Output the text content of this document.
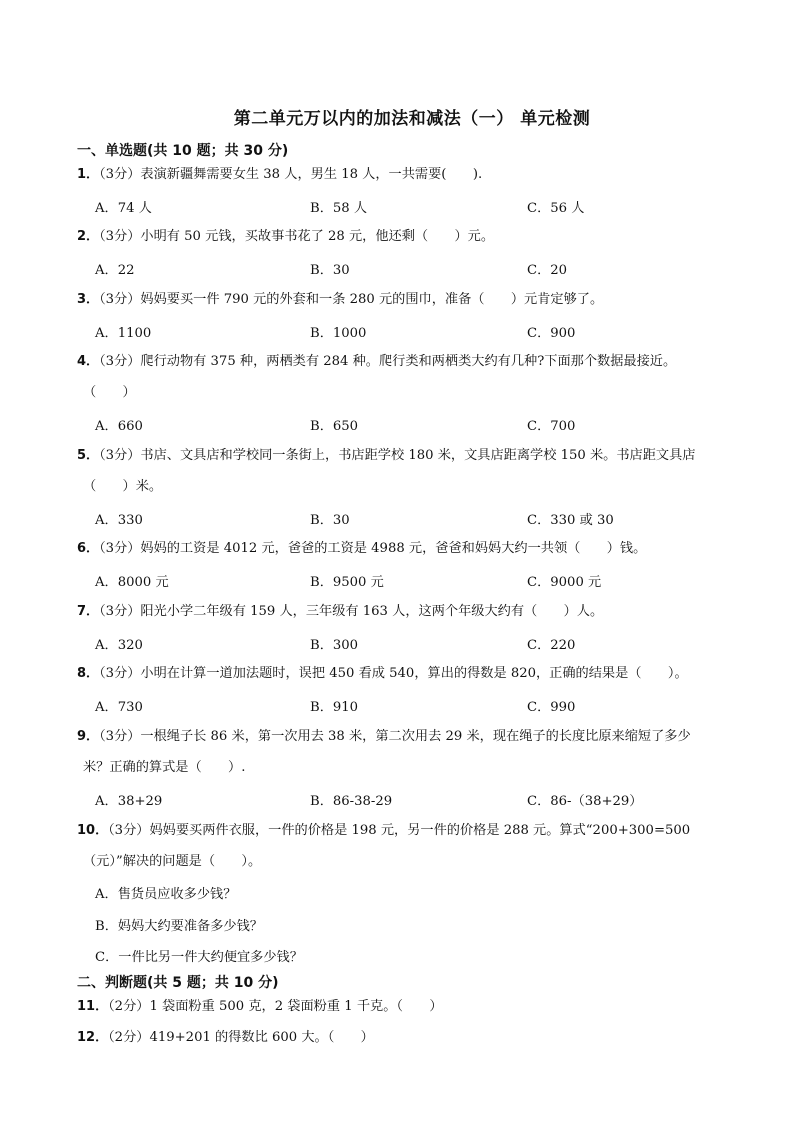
第二单元万以内的加法和减法（一） 单元检测
一、单选题(共 10 题；共 30 分)
1．（3分）表演新疆舞需要女生 38 人，男生 18 人，一共需要(　　).
A．74 人	B．58 人	C．56 人
2．（3分）小明有 50 元钱，买故事书花了 28 元，他还剩（　　）元。
A．22	B．30	C．20
3．（3分）妈妈要买一件 790 元的外套和一条 280 元的围巾，准备（　　）元肯定够了。
A．1100	B．1000	C．900
4．（3分）爬行动物有 375 种，两栖类有 284 种。爬行类和两栖类大约有几种?下面那个数据最接近。
（　　）
A．660	B．650	C．700
5．（3分）书店、文具店和学校同一条街上，书店距学校 180 米，文具店距离学校 150 米。书店距文具店
（　　）米。
A．330	B．30	C．330 或 30
6．（3分）妈妈的工资是 4012 元，爸爸的工资是 4988 元，爸爸和妈妈大约一共领（　　）钱。
A．8000 元	B．9500 元	C．9000 元
7．（3分）阳光小学二年级有 159 人，三年级有 163 人，这两个年级大约有（　　）人。
A．320	B．300	C．220
8．（3分）小明在计算一道加法题时，误把 450 看成 540，算出的得数是 820，正确的结果是（　　）。
A．730	B．910	C．990
9．（3分）一根绳子长 86 米，第一次用去 38 米，第二次用去 29 米，现在绳子的长度比原来缩短了多少
米？正确的算式是（　　）.
A．38+29	B．86-38-29	C．86-（38+29）
10．（3分）妈妈要买两件衣服，一件的价格是 198 元，另一件的价格是 288 元。算式“200+300=500
（元）”解决的问题是（　　）。
A．售货员应收多少钱？
B．妈妈大约要准备多少钱？
C．一件比另一件大约便宜多少钱？
二、判断题(共 5 题；共 10 分)
11．（2分）1 袋面粉重 500 克，2 袋面粉重 1 千克。（　　）
12．（2分）419+201 的得数比 600 大。（　　）
